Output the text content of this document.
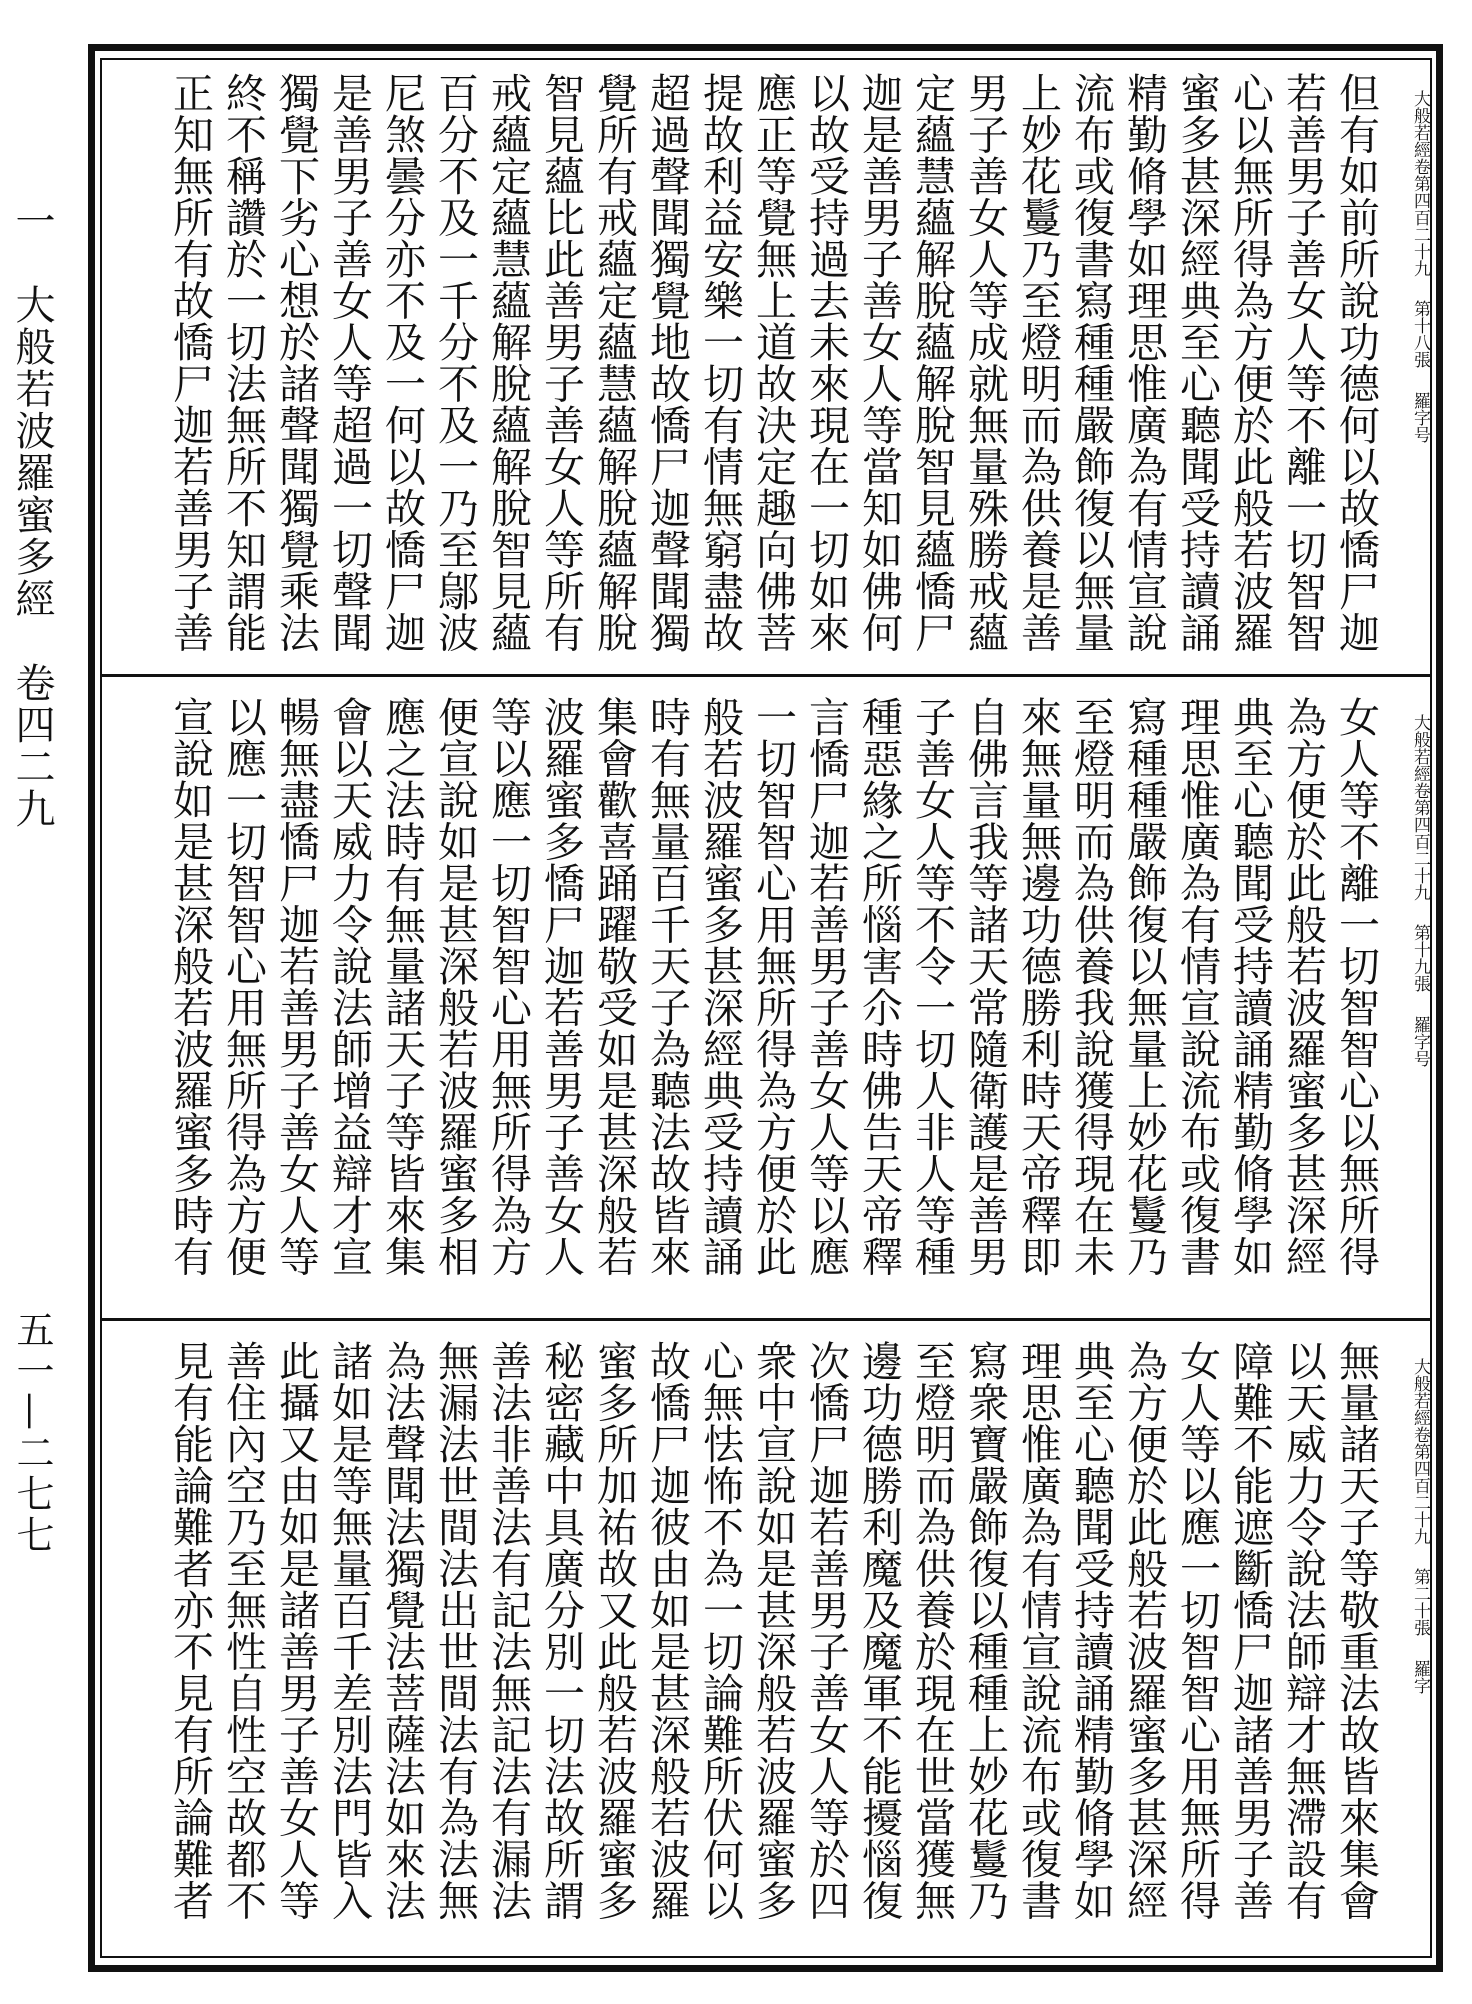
一　大般若波羅蜜多經　卷四二九
五一—二七七
大般若經卷第四百二十九 第十八張 羅字号
但有如前所說功德何以故憍尸迦
若善男子善女人等不離一切智智
心以無所得為方便於此般若波羅
蜜多甚深經典至心聽聞受持讀誦
精勤脩學如理思惟廣為有情宣說
流布或復書寫種種嚴飾復以無量
上妙花鬘乃至燈明而為供養是善
男子善女人等成就無量殊勝戒蘊
定蘊慧蘊解脫蘊解脫智見蘊憍尸
迦是善男子善女人等當知如佛何
以故受持過去未來現在一切如來
應正等覺無上道故決定趣向佛菩
提故利益安樂一切有情無窮盡故
超過聲聞獨覺地故憍尸迦聲聞獨
覺所有戒蘊定蘊慧蘊解脫蘊解脫
智見蘊比此善男子善女人等所有
戒蘊定蘊慧蘊解脫蘊解脫智見蘊
百分不及一千分不及一乃至鄔波
尼煞曇分亦不及一何以故憍尸迦
是善男子善女人等超過一切聲聞
獨覺下劣心想於諸聲聞獨覺乘法
終不稱讚於一切法無所不知謂能
正知無所有故憍尸迦若善男子善
大般若經卷第四百二十九 第十九張 羅字号
女人等不離一切智智心以無所得
為方便於此般若波羅蜜多甚深經
典至心聽聞受持讀誦精勤脩學如
理思惟廣為有情宣說流布或復書
寫種種嚴飾復以無量上妙花鬘乃
至燈明而為供養我說獲得現在未
來無量無邊功德勝利時天帝釋即
自佛言我等諸天常隨衛護是善男
子善女人等不令一切人非人等種
種惡緣之所惱害尒時佛告天帝釋
言憍尸迦若善男子善女人等以應
一切智智心用無所得為方便於此
般若波羅蜜多甚深經典受持讀誦
時有無量百千天子為聽法故皆來
集會歡喜踊躍敬受如是甚深般若
波羅蜜多憍尸迦若善男子善女人
等以應一切智智心用無所得為方
便宣說如是甚深般若波羅蜜多相
應之法時有無量諸天子等皆來集
會以天威力令說法師增益辯才宣
暢無盡憍尸迦若善男子善女人等
以應一切智智心用無所得為方便
宣說如是甚深般若波羅蜜多時有
大般若經卷第四百二十九 第二十張 羅字
無量諸天子等敬重法故皆來集會
以天威力令說法師辯才無滯設有
障難不能遮斷憍尸迦諸善男子善
女人等以應一切智智心用無所得
為方便於此般若波羅蜜多甚深經
典至心聽聞受持讀誦精勤脩學如
理思惟廣為有情宣說流布或復書
寫衆寶嚴飾復以種種上妙花鬘乃
至燈明而為供養於現在世當獲無
邊功德勝利魔及魔軍不能擾惱復
次憍尸迦若善男子善女人等於四
衆中宣說如是甚深般若波羅蜜多
心無怯怖不為一切論難所伏何以
故憍尸迦彼由如是甚深般若波羅
蜜多所加祐故又此般若波羅蜜多
秘密藏中具廣分別一切法故所謂
善法非善法有記法無記法有漏法
無漏法世間法出世間法有為法無
為法聲聞法獨覺法菩薩法如來法
諸如是等無量百千差別法門皆入
此攝又由如是諸善男子善女人等
善住內空乃至無性自性空故都不
見有能論難者亦不見有所論難者
